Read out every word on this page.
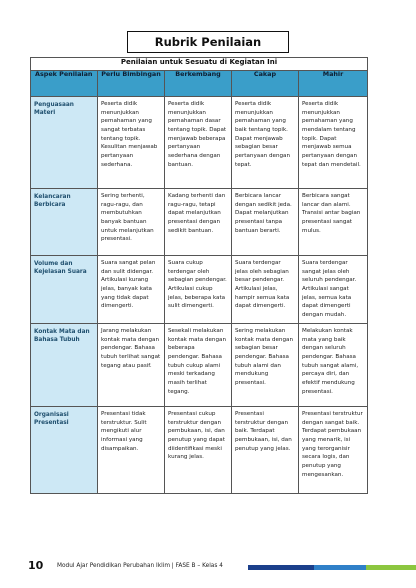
Rubrik Penilaian
Penilaian untuk Sesuatu di Kegiatan Ini				
Aspek Penilaian	Perlu Bimbingan	Berkembang	Cakap	Mahir
Penguasaan Materi	Peserta didik menunjukkan pemahaman yang sangat terbatas tentang topik. Kesulitan menjawab pertanyaan sederhana.	Peserta didik menunjukkan pemahaman dasar tentang topik. Dapat menjawab beberapa pertanyaan sederhana dengan bantuan.	Peserta didik menunjukkan pemahaman yang baik tentang topik. Dapat menjawab sebagian besar pertanyaan dengan tepat.	Peserta didik menunjukkan pemahaman yang mendalam tentang topik. Dapat menjawab semua pertanyaan dengan tepat dan mendetail.
Kelancaran Berbicara	Sering terhenti, ragu-ragu, dan membutuhkan banyak bantuan untuk melanjutkan presentasi.	Kadang terhenti dan ragu-ragu, tetapi dapat melanjutkan presentasi dengan sedikit bantuan.	Berbicara lancar dengan sedikit jeda. Dapat melanjutkan presentasi tanpa bantuan berarti.	Berbicara sangat lancar dan alami. Transisi antar bagian presentasi sangat mulus.
Volume dan Kejelasan Suara	Suara sangat pelan dan sulit didengar. Artikulasi kurang jelas, banyak kata yang tidak dapat dimengerti.	Suara cukup terdengar oleh sebagian pendengar. Artikulasi cukup jelas, beberapa kata sulit dimengerti.	Suara terdengar jelas oleh sebagian besar pendengar. Artikulasi jelas, hampir semua kata dapat dimengerti.	Suara terdengar sangat jelas oleh seluruh pendengar. Artikulasi sangat jelas, semua kata dapat dimengerti dengan mudah.
Kontak Mata dan Bahasa Tubuh	Jarang melakukan kontak mata dengan pendengar. Bahasa tubuh terlihat sangat tegang atau pasif.	Sesekali melakukan kontak mata dengan beberapa pendengar. Bahasa tubuh cukup alami meski terkadang masih terlihat tegang.	Sering melakukan kontak mata dengan sebagian besar pendengar. Bahasa tubuh alami dan mendukung presentasi.	Melakukan kontak mata yang baik dengan seluruh pendengar. Bahasa tubuh sangat alami, percaya diri, dan efektif mendukung presentasi.
Organisasi Presentasi	Presentasi tidak terstruktur. Sulit mengikuti alur informasi yang disampaikan.	Presentasi cukup terstruktur dengan pembukaan, isi, dan penutup yang dapat diidentifikasi meski kurang jelas.	Presentasi terstruktur dengan baik. Terdapat pembukaan, isi, dan penutup yang jelas.	Presentasi terstruktur dengan sangat baik. Terdapat pembukaan yang menarik, isi yang terorganisir secara logis, dan penutup yang mengesankan.
10 Modul Ajar Pendidikan Perubahan Iklim | FASE B – Kelas 4
